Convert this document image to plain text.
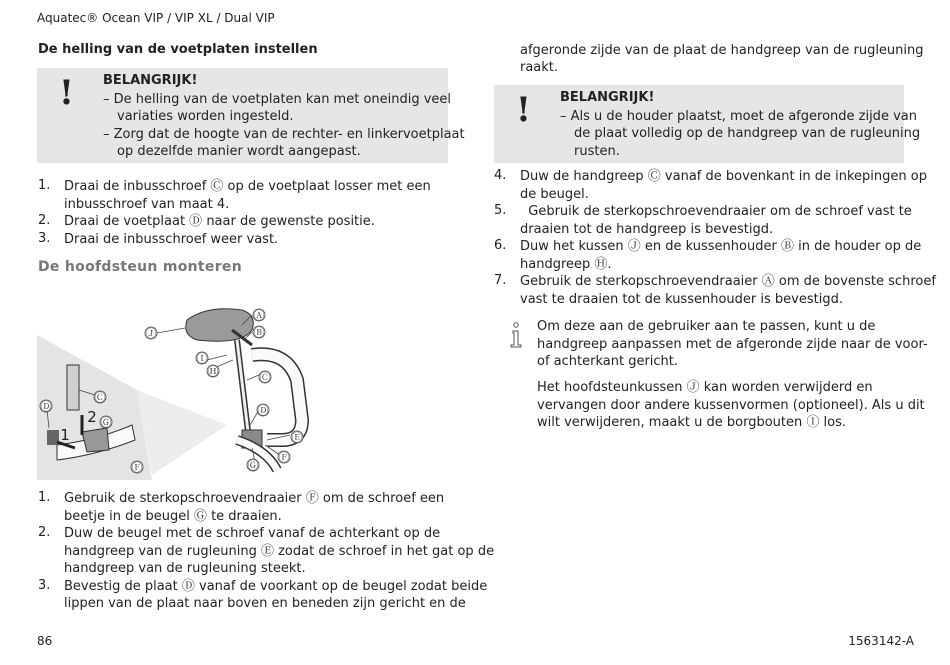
Aquatec® Ocean VIP / VIP XL / Dual VIP
De helling van de voetplaten instellen
! BELANGRIJK!
– De helling van de voetplaten kan met oneindig veel
variaties worden ingesteld.
– Zorg dat de hoogte van de rechter- en linkervoetplaat
op dezelfde manier wordt aangepast.
1. Draai de inbusschroef Ⓒ op de voetplaat losser met een
inbusschroef van maat 4.
2. Draai de voetplaat Ⓓ naar de gewenste positie.
3. Draai de inbusschroef weer vast.
De hoofdsteun monteren
Ⓙ
Ⓐ
Ⓑ
Ⓘ
Ⓗ	Ⓒ
Ⓓ
Ⓔ
Ⓕ
Ⓖ
Ⓒ
Ⓓ
Ⓖ
Ⓕ
2
1
1. Gebruik de sterkopschroevendraaier Ⓕ om de schroef een
beetje in de beugel Ⓖ te draaien.
2. Duw de beugel met de schroef vanaf de achterkant op de
handgreep van de rugleuning Ⓔ zodat de schroef in het gat op de
handgreep van de rugleuning steekt.
3. Bevestig de plaat Ⓓ vanaf de voorkant op de beugel zodat beide
lippen van de plaat naar boven en beneden zijn gericht en de
afgeronde zijde van de plaat de handgreep van de rugleuning
raakt.
! BELANGRIJK!
– Als u de houder plaatst, moet de afgeronde zijde van
de plaat volledig op de handgreep van de rugleuning
rusten.
4. Duw de handgreep Ⓒ vanaf de bovenkant in de inkepingen op
de beugel.
5. Gebruik de sterkopschroevendraaier om de schroef vast te
draaien tot de handgreep is bevestigd.
6. Duw het kussen Ⓙ en de kussenhouder Ⓑ in de houder op de
handgreep Ⓗ.
7. Gebruik de sterkopschroevendraaier Ⓐ om de bovenste schroef
vast te draaien tot de kussenhouder is bevestigd.
Om deze aan de gebruiker aan te passen, kunt u de
handgreep aanpassen met de afgeronde zijde naar de voor-
of achterkant gericht.
Het hoofdsteunkussen Ⓙ kan worden verwijderd en
vervangen door andere kussenvormen (optioneel). Als u dit
wilt verwijderen, maakt u de borgbouten Ⓘ los.
86	1563142-A
